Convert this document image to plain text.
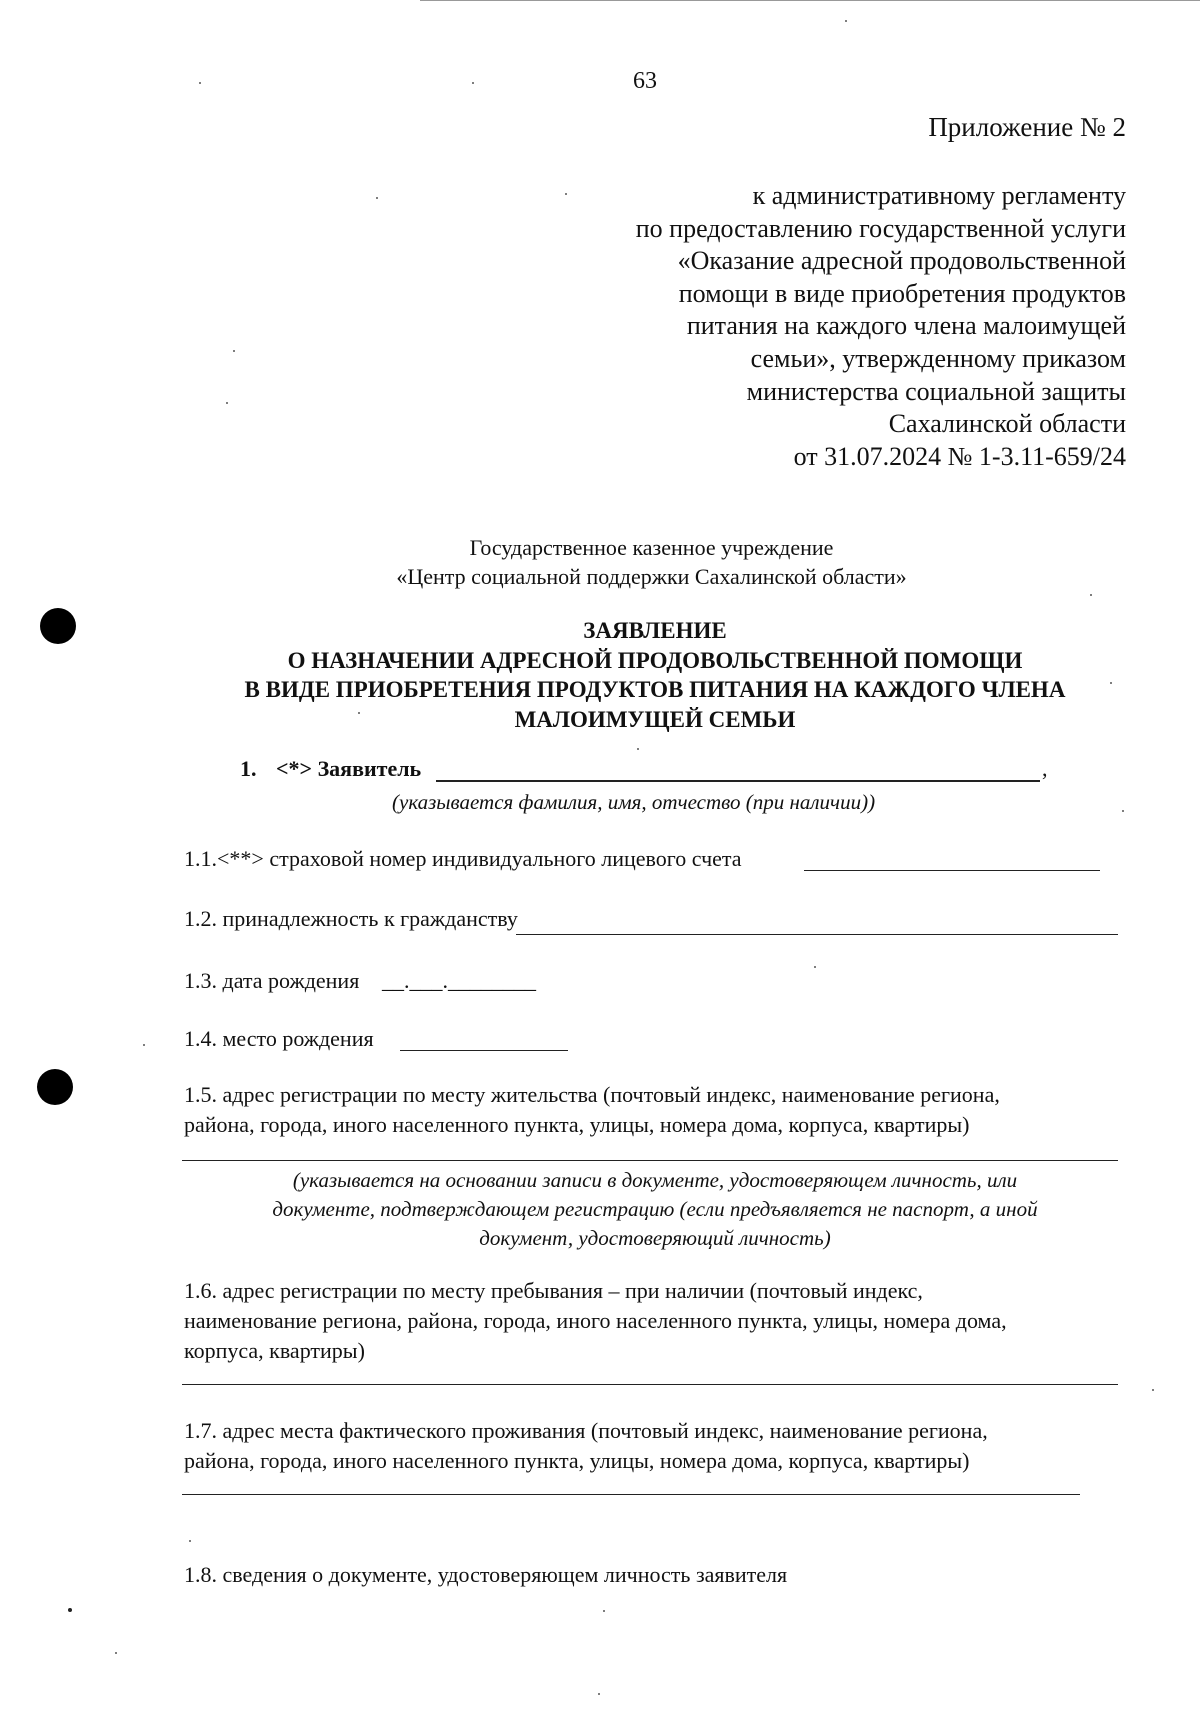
63
Приложение № 2
к административному регламенту
по предоставлению государственной услуги
«Оказание адресной продовольственной
помощи в виде приобретения продуктов
питания на каждого члена малоимущей
семьи», утвержденному приказом
министерства социальной защиты
Сахалинской области
от 31.07.2024 № 1-3.11-659/24
Государственное казенное учреждение
«Центр социальной поддержки Сахалинской области»
ЗАЯВЛЕНИЕ
О НАЗНАЧЕНИИ АДРЕСНОЙ ПРОДОВОЛЬСТВЕННОЙ ПОМОЩИ
В ВИДЕ ПРИОБРЕТЕНИЯ ПРОДУКТОВ ПИТАНИЯ НА КАЖДОГО ЧЛЕНА
МАЛОИМУЩЕЙ СЕМЬИ
1. <*> Заявитель	,
(указывается фамилия, имя, отчество (при наличии))
1.1.<**> страховой номер индивидуального лицевого счета
1.2. принадлежность к гражданству
1.3. дата рождения __.___.________
1.4. место рождения
1.5. адрес регистрации по месту жительства (почтовый индекс, наименование региона,
района, города, иного населенного пункта, улицы, номера дома, корпуса, квартиры)
(указывается на основании записи в документе, удостоверяющем личность, или
документе, подтверждающем регистрацию (если предъявляется не паспорт, а иной
документ, удостоверяющий личность)
1.6. адрес регистрации по месту пребывания – при наличии (почтовый индекс,
наименование региона, района, города, иного населенного пункта, улицы, номера дома,
корпуса, квартиры)
1.7. адрес места фактического проживания (почтовый индекс, наименование региона,
района, города, иного населенного пункта, улицы, номера дома, корпуса, квартиры)
1.8. сведения о документе, удостоверяющем личность заявителя
